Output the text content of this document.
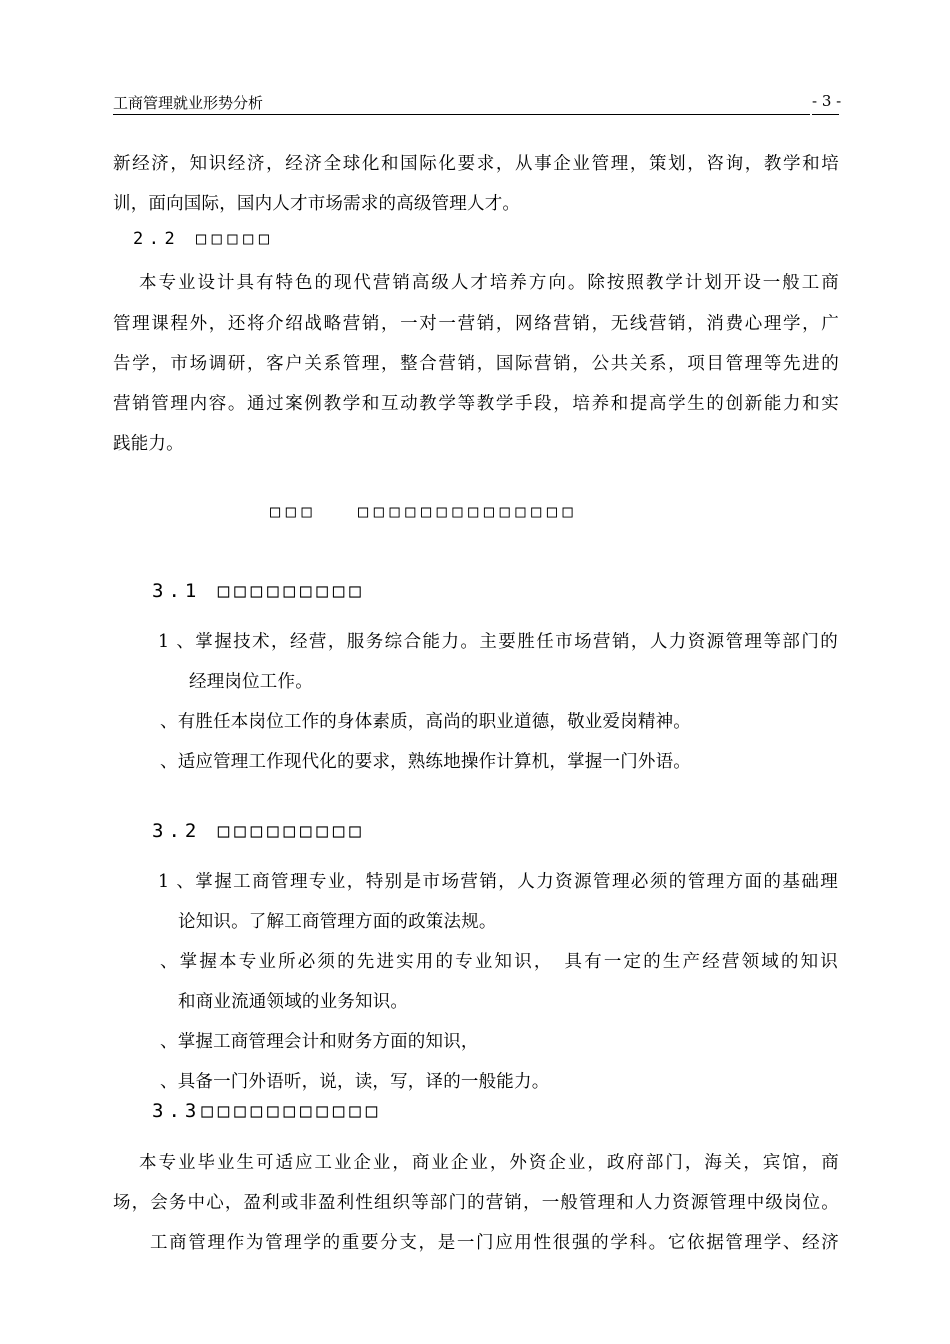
工商管理就业形势分析	- 3 -
新经济，知识经济，经济全球化和国际化要求，从事企业管理，策划，咨询，教学和培
训，面向国际，国内人才市场需求的高级管理人才。
2.2 □□□□□
本专业设计具有特色的现代营销高级人才培养方向。除按照教学计划开设一般工商
管理课程外，还将介绍战略营销，一对一营销，网络营销，无线营销，消费心理学，广
告学，市场调研，客户关系管理，整合营销，国际营销，公共关系，项目管理等先进的
营销管理内容。通过案例教学和互动教学等教学手段，培养和提高学生的创新能力和实
践能力。
□□□ □□□□□□□□□□□□□□
3.1 □□□□□□□□□
1 、掌握技术，经营，服务综合能力。主要胜任市场营销，人力资源管理等部门的
经理岗位工作。
、有胜任本岗位工作的身体素质，高尚的职业道德，敬业爱岗精神。
、适应管理工作现代化的要求，熟练地操作计算机，掌握一门外语。
3.2 □□□□□□□□□
1 、掌握工商管理专业，特别是市场营销，人力资源管理必须的管理方面的基础理
论知识。了解工商管理方面的政策法规。
、掌握本专业所必须的先进实用的专业知识，　具有一定的生产经营领域的知识
和商业流通领域的业务知识。
、掌握工商管理会计和财务方面的知识，
、具备一门外语听，说，读，写，译的一般能力。
3.3□□□□□□□□□□□
本专业毕业生可适应工业企业，商业企业，外资企业，政府部门，海关，宾馆，商
场，会务中心，盈利或非盈利性组织等部门的营销，一般管理和人力资源管理中级岗位。
工商管理作为管理学的重要分支，是一门应用性很强的学科。它依据管理学、经济
